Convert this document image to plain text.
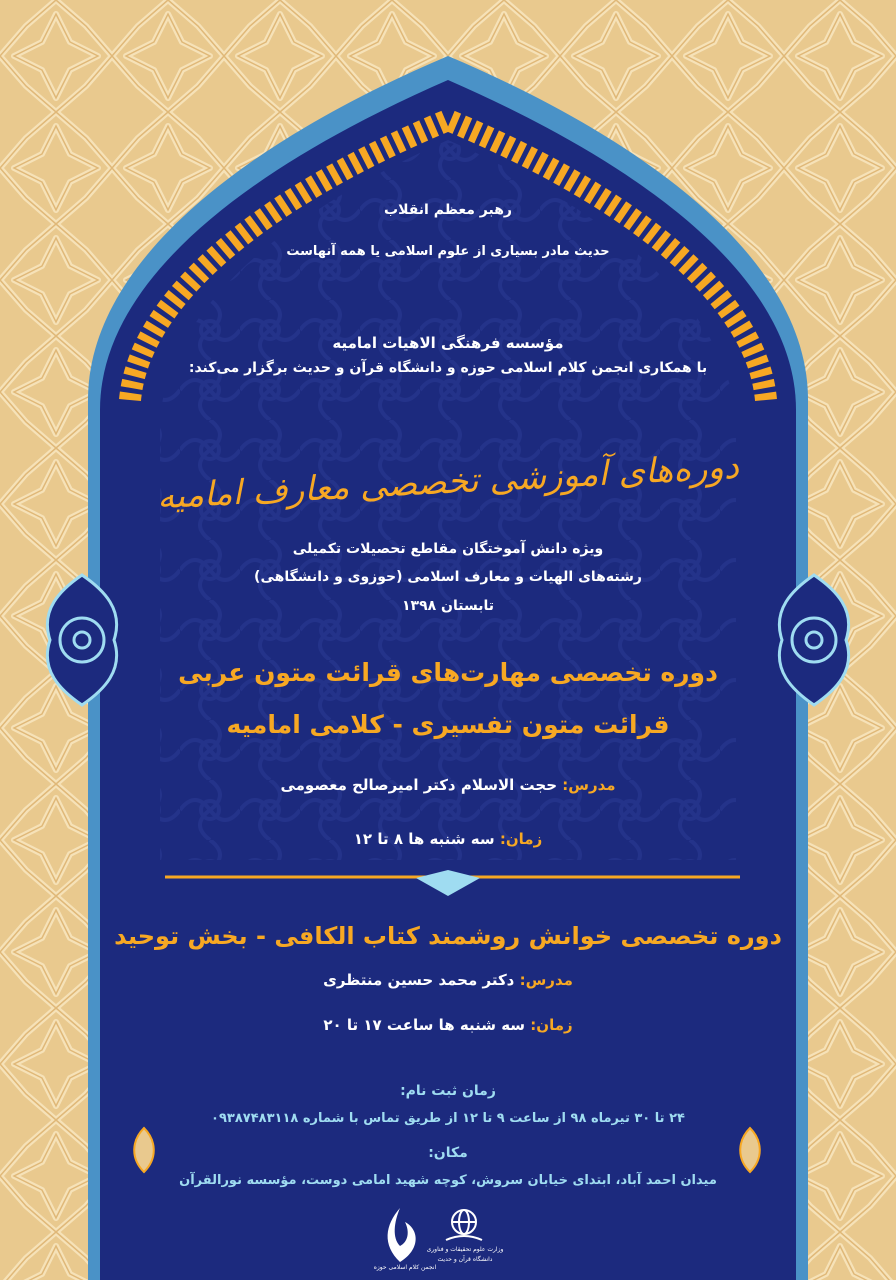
رهبر معظم انقلاب
حدیث مادر بسیاری از علوم اسلامی یا همه آنهاست
مؤسسه فرهنگی الاهیات امامیه
با همکاری انجمن کلام اسلامی حوزه و دانشگاه قرآن و حدیث برگزار می‌کند:
دوره‌های آموزشی تخصصی معارف امامیه
ویژه دانش آموختگان مقاطع تحصیلات تکمیلی
رشته‌های الهیات و معارف اسلامی (حوزوی و دانشگاهی)
تابستان ۱۳۹۸
دوره تخصصی مهارت‌های قرائت متون عربی
قرائت متون تفسیری - کلامی امامیه
مدرس: حجت الاسلام دکتر امیرصالح معصومی
زمان: سه شنبه ها ۸ تا ۱۲
دوره تخصصی خوانش روشمند کتاب الکافی - بخش توحید
مدرس: دکتر محمد حسین منتظری
زمان: سه شنبه ها ساعت ۱۷ تا ۲۰
زمان ثبت نام:
۲۴ تا ۳۰ تیرماه ۹۸ از ساعت ۹ تا ۱۲ از طریق تماس با شماره ۰۹۳۸۷۴۸۳۱۱۸
مکان:
میدان احمد آباد، ابتدای خیابان سروش، کوچه شهید امامی دوست، مؤسسه نورالقرآن
انجمن کلام اسلامی حوزه
وزارت علوم تحقیقات و فناوری
دانشگاه قرآن و حدیث
